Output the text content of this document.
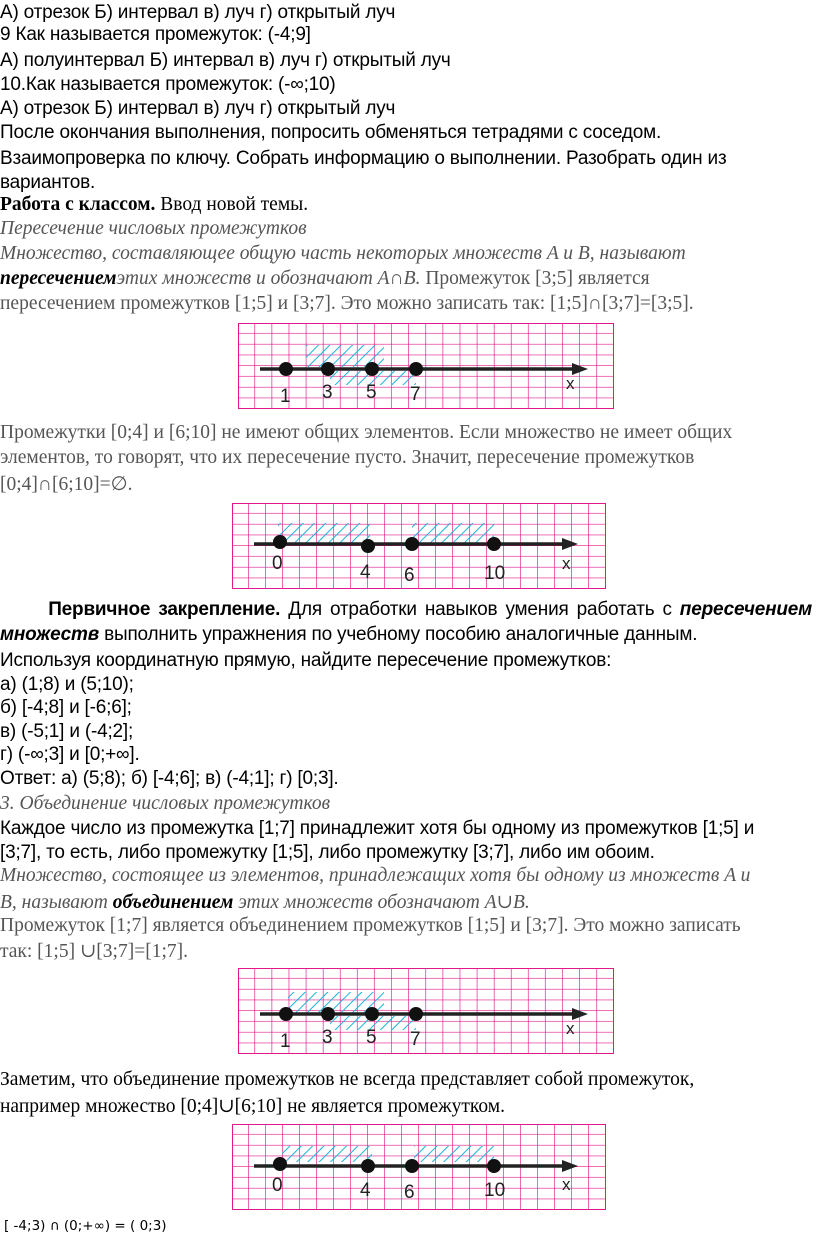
А) отрезок Б) интервал в) луч г) открытый луч
9 Как называется промежуток: (-4;9]
А) полуинтервал Б) интервал в) луч г) открытый луч
10.Как называется промежуток: (-∞;10)
А) отрезок Б) интервал в) луч г) открытый луч
После окончания выполнения, попросить обменяться тетрадями с соседом.
Взаимопроверка по ключу. Собрать информацию о выполнении. Разобрать один из
вариантов.
Работа с классом. Ввод новой темы.
Пересечение числовых промежутков
Множество, составляющее общую часть некоторых множеств A и B, называют
пересечениемэтих множеств и обозначают A∩B. Промежуток [3;5] является
пересечением промежутков [1;5] и [3;7]. Это можно записать так: [1;5]∩[3;7]=[3;5].
1 3 5 7
x
Промежутки [0;4] и [6;10] не имеют общих элементов. Если множество не имеет общих
элементов, то говорят, что их пересечение пусто. Значит, пересечение промежутков
[0;4]∩[6;10]=∅.
0	4 6	10	x
Первичное закрепление. Для отработки навыков умения работать с пересечением
множеств выполнить упражнения по учебному пособию аналогичные данным.
Используя координатную прямую, найдите пересечение промежутков:
а) (1;8) и (5;10);
б) [-4;8] и [-6;6];
в) (-5;1] и (-4;2];
г) (-∞;3] и [0;+∞].
Ответ: а) (5;8); б) [-4;6]; в) (-4;1]; г) [0;3].
3. Объединение числовых промежутков
Каждое число из промежутка [1;7] принадлежит хотя бы одному из промежутков [1;5] и
[3;7], то есть, либо промежутку [1;5], либо промежутку [3;7], либо им обоим.
Множество, состоящее из элементов, принадлежащих хотя бы одному из множеств A и
B, называют объединением этих множеств обозначают A∪B.
Промежуток [1;7] является объединением промежутков [1;5] и [3;7]. Это можно записать
так: [1;5] ∪[3;7]=[1;7].
1 3 5 7
x
Заметим, что объединение промежутков не всегда представляет собой промежуток,
например множество [0;4]∪[6;10] не является промежутком.
0	4 6	10	x
[ -4;3) ∩ (0;+∞) = ( 0;3)
